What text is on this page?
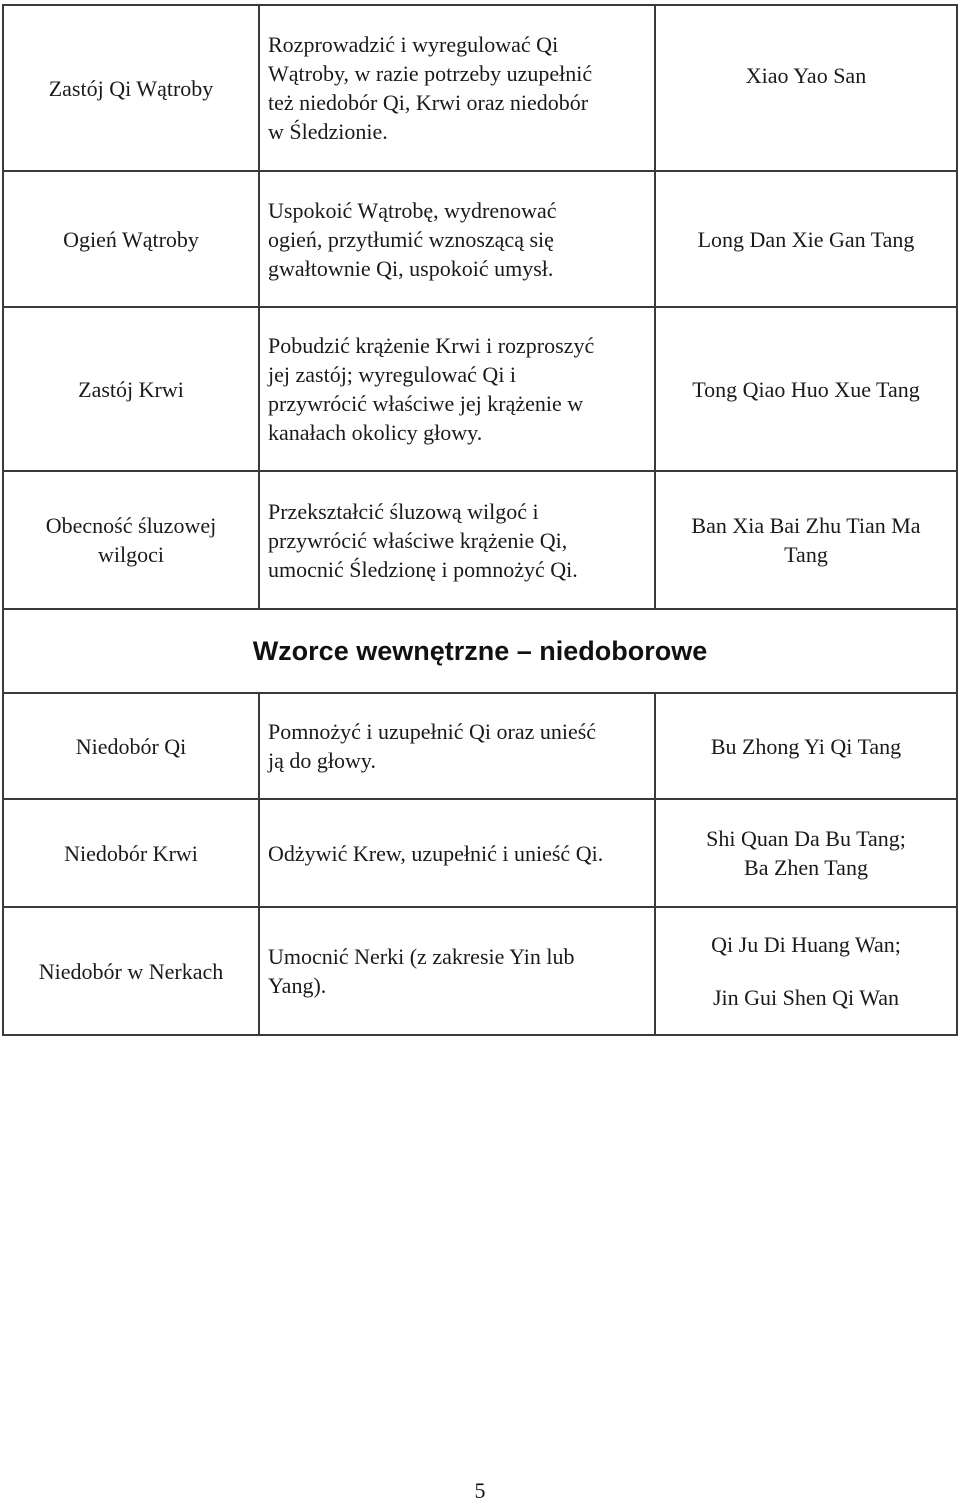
Zastój Qi Wątroby
Rozprowadzić i wyregulować Qi
Wątroby, w razie potrzeby uzupełnić
też niedobór Qi, Krwi oraz niedobór
w Śledzionie.
Xiao Yao San
Ogień Wątroby
Uspokoić Wątrobę, wydrenować
ogień, przytłumić wznoszącą się
gwałtownie Qi, uspokoić umysł.
Long Dan Xie Gan Tang
Zastój Krwi
Pobudzić krążenie Krwi i rozproszyć
jej zastój; wyregulować Qi i
przywrócić właściwe jej krążenie w
kanałach okolicy głowy.
Tong Qiao Huo Xue Tang
Obecność śluzowej wilgoci
Przekształcić śluzową wilgoć i
przywrócić właściwe krążenie Qi,
umocnić Śledzionę i pomnożyć Qi.
Ban Xia Bai Zhu Tian Ma Tang
Wzorce wewnętrzne – niedoborowe
Niedobór Qi
Pomnożyć i uzupełnić Qi oraz unieść
ją do głowy.
Bu Zhong Yi Qi Tang
Niedobór Krwi	Odżywić Krew, uzupełnić i unieść Qi.
Shi Quan Da Bu Tang;
Ba Zhen Tang
Niedobór w Nerkach
Umocnić Nerki (z zakresie Yin lub
Yang).
Qi Ju Di Huang Wan;
Jin Gui Shen Qi Wan
5
